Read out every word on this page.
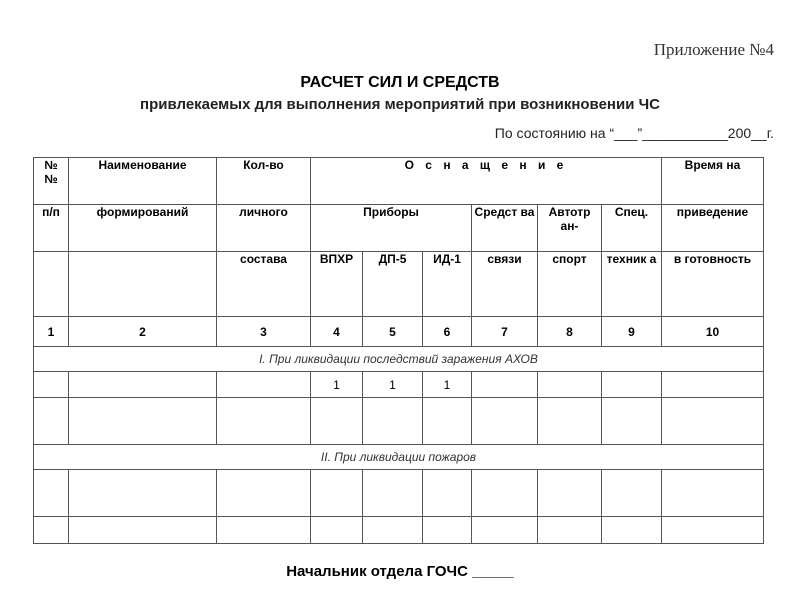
Приложение №4
РАСЧЕТ СИЛ И СРЕДСТВ
привлекаемых для выполнения мероприятий при возникновении ЧС
По состоянию на “___”___________200__г.
№
№	Наименование	Кол-во	О с н а щ е н и е						Время на
п/п	формирований	личного	Приборы			Средст ва	Автотр ан-	Спец.	приведение
		состава	ВПХР	ДП-5	ИД-1	связи	спорт	техник а	в готовность
1	2	3	4	5	6	7	8	9	10
I. При ликвидации последствий заражения АХОВ									
			1	1	1				

II. При ликвидации пожаров									

Начальник отдела ГОЧС _____
